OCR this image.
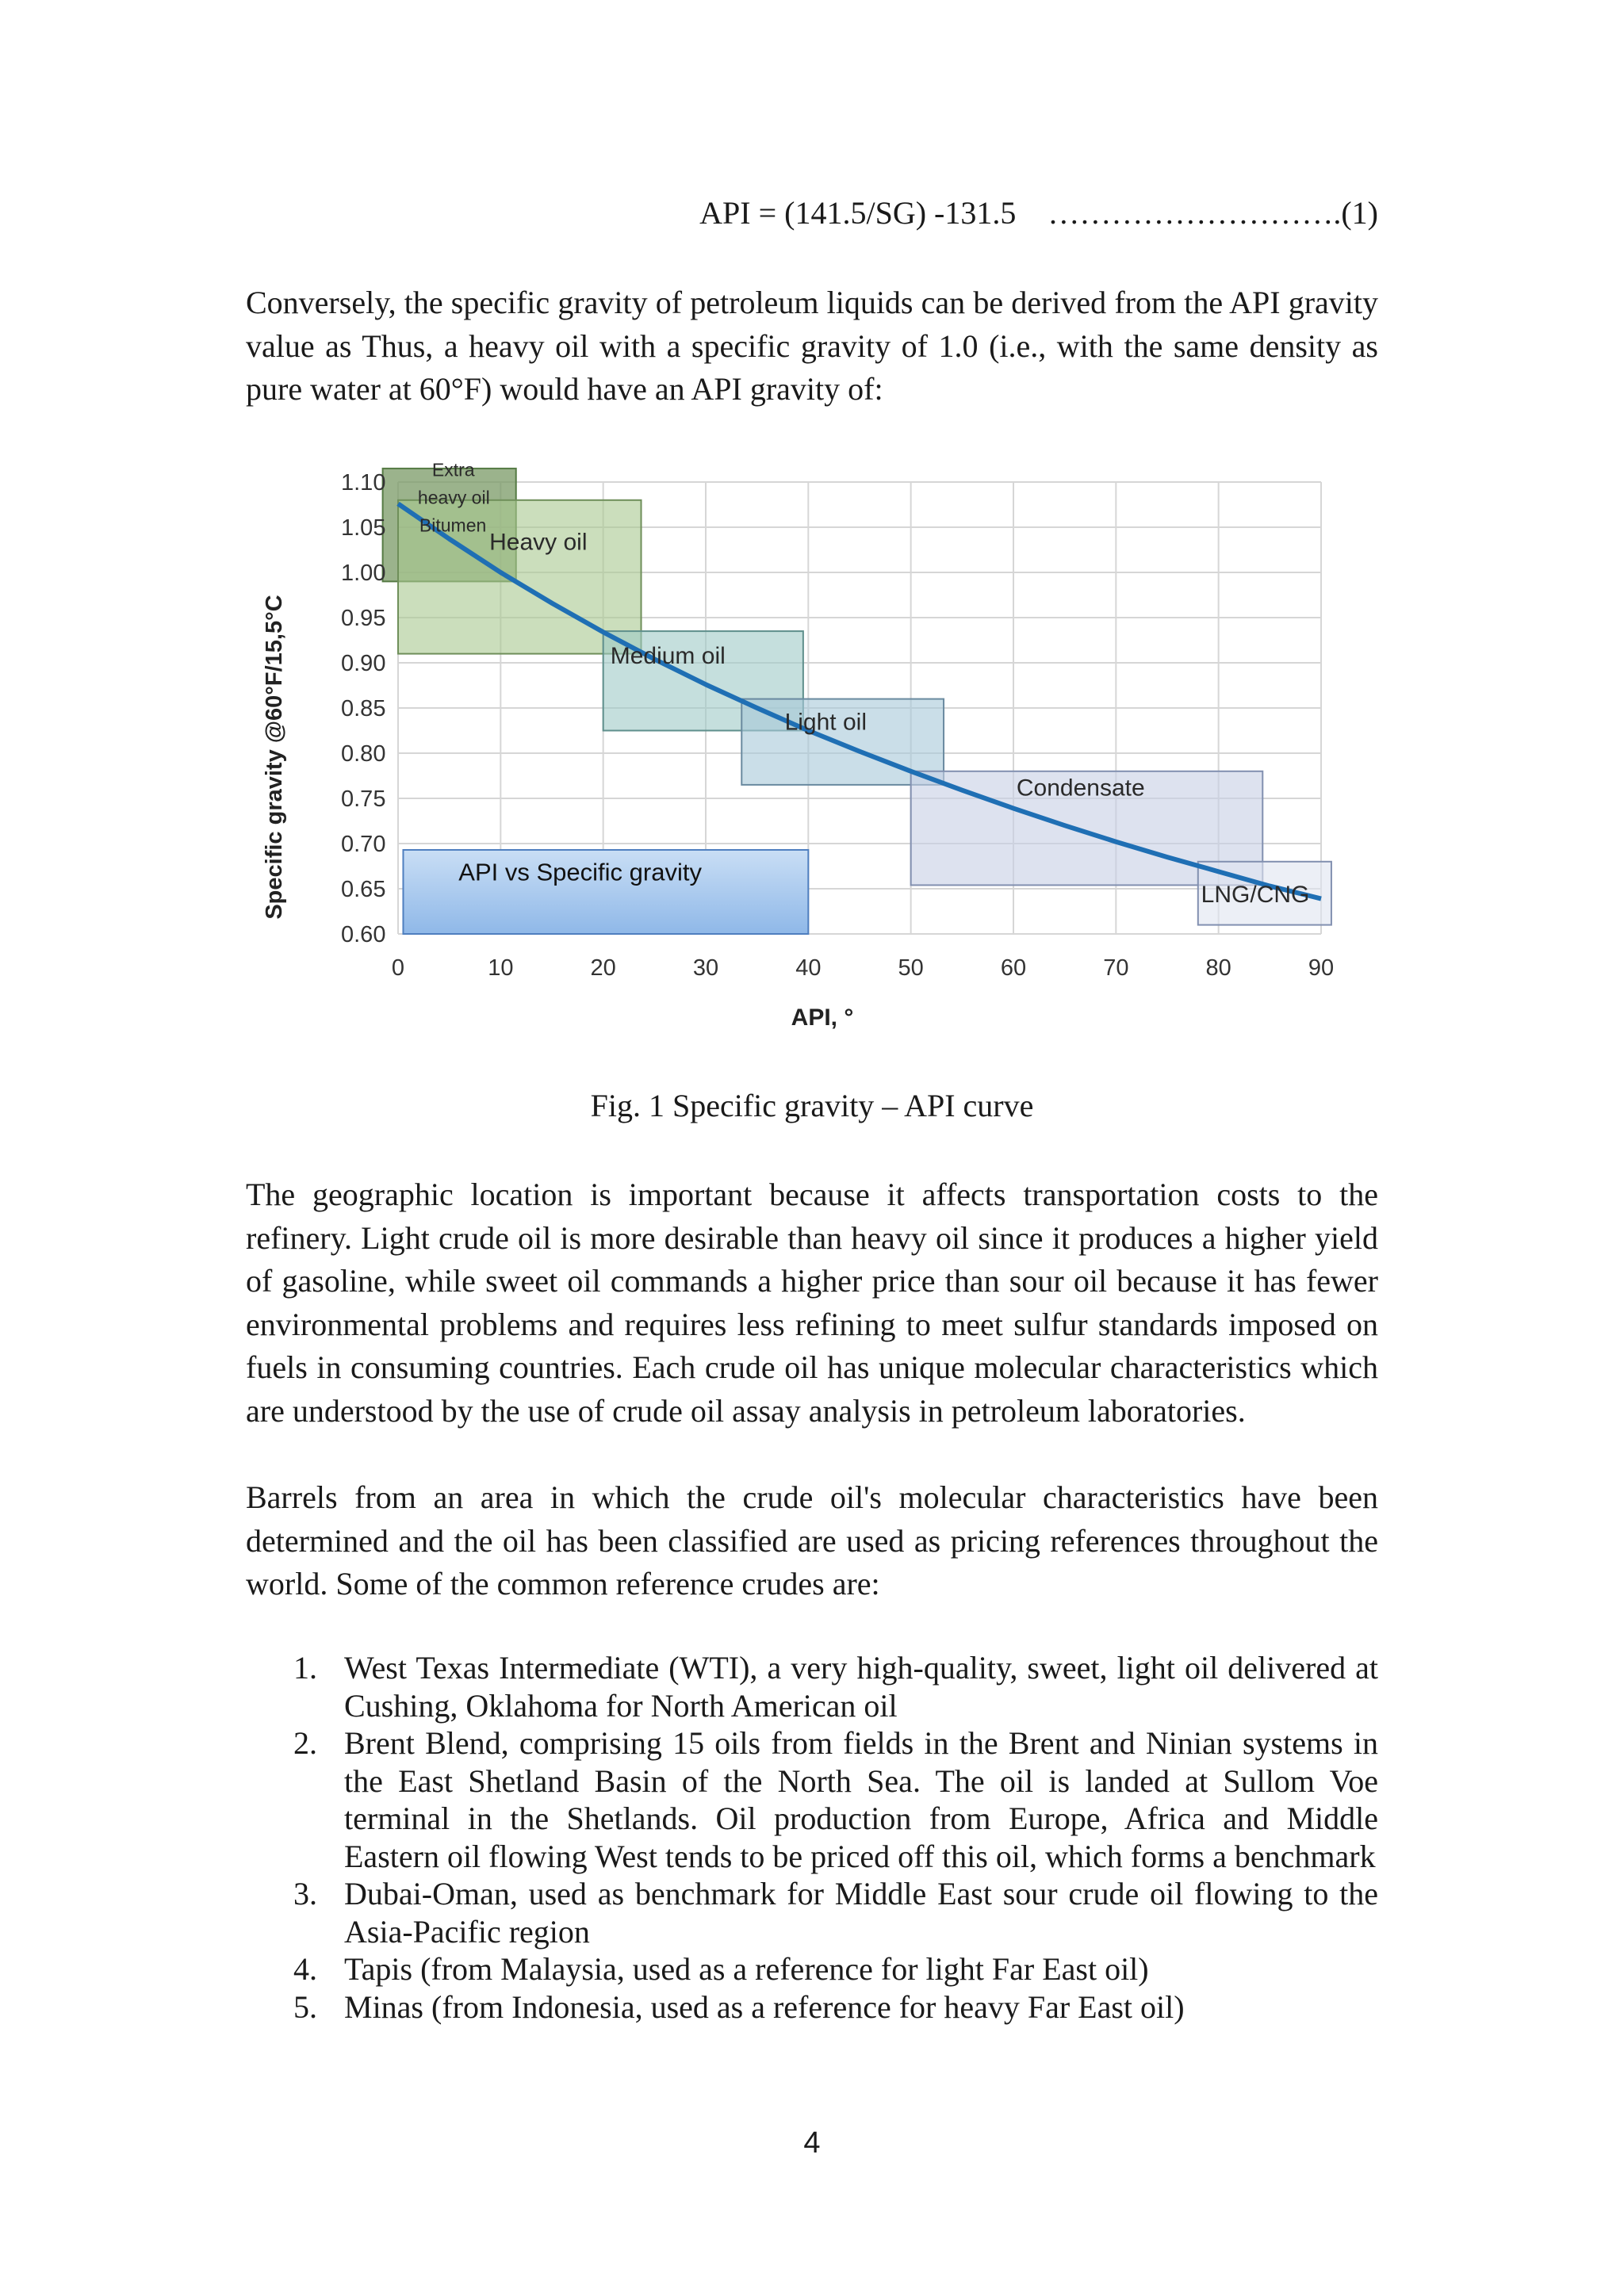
API = (141.5/SG) -131.5 ……………………….(1)

Conversely, the specific gravity of petroleum liquids can be derived from the API gravity value as Thus, a heavy oil with a specific gravity of 1.0 (i.e., with the same density as pure water at 60°F) would have an API gravity of:

Extra heavy oil Bitumen
Heavy oil
Medium oil
Light oil
Condensate
LNG/CNG
API vs Specific gravity
0	10	20	30	40	50	60	70	80	90
1.10
1.05
1.00
0.95
0.90
0.85
0.80
0.75
0.70
0.65
0.60
API, °
Specific gravity @60°F/15,5°C
Fig. 1 Specific gravity – API curve

The geographic location is important because it affects transportation costs to the refinery. Light crude oil is more desirable than heavy oil since it produces a higher yield of gasoline, while sweet oil commands a higher price than sour oil because it has fewer environmental problems and requires less refining to meet sulfur standards imposed on fuels in consuming countries. Each crude oil has unique molecular characteristics which are understood by the use of crude oil assay analysis in petroleum laboratories.

Barrels from an area in which the crude oil's molecular characteristics have been determined and the oil has been classified are used as pricing references throughout the world. Some of the common reference crudes are:

1. West Texas Intermediate (WTI), a very high-quality, sweet, light oil delivered at Cushing, Oklahoma for North American oil
2. Brent Blend, comprising 15 oils from fields in the Brent and Ninian systems in the East Shetland Basin of the North Sea. The oil is landed at Sullom Voe terminal in the Shetlands. Oil production from Europe, Africa and Middle Eastern oil flowing West tends to be priced off this oil, which forms a benchmark
3. Dubai-Oman, used as benchmark for Middle East sour crude oil flowing to the Asia-Pacific region
4. Tapis (from Malaysia, used as a reference for light Far East oil)
5. Minas (from Indonesia, used as a reference for heavy Far East oil)
4
